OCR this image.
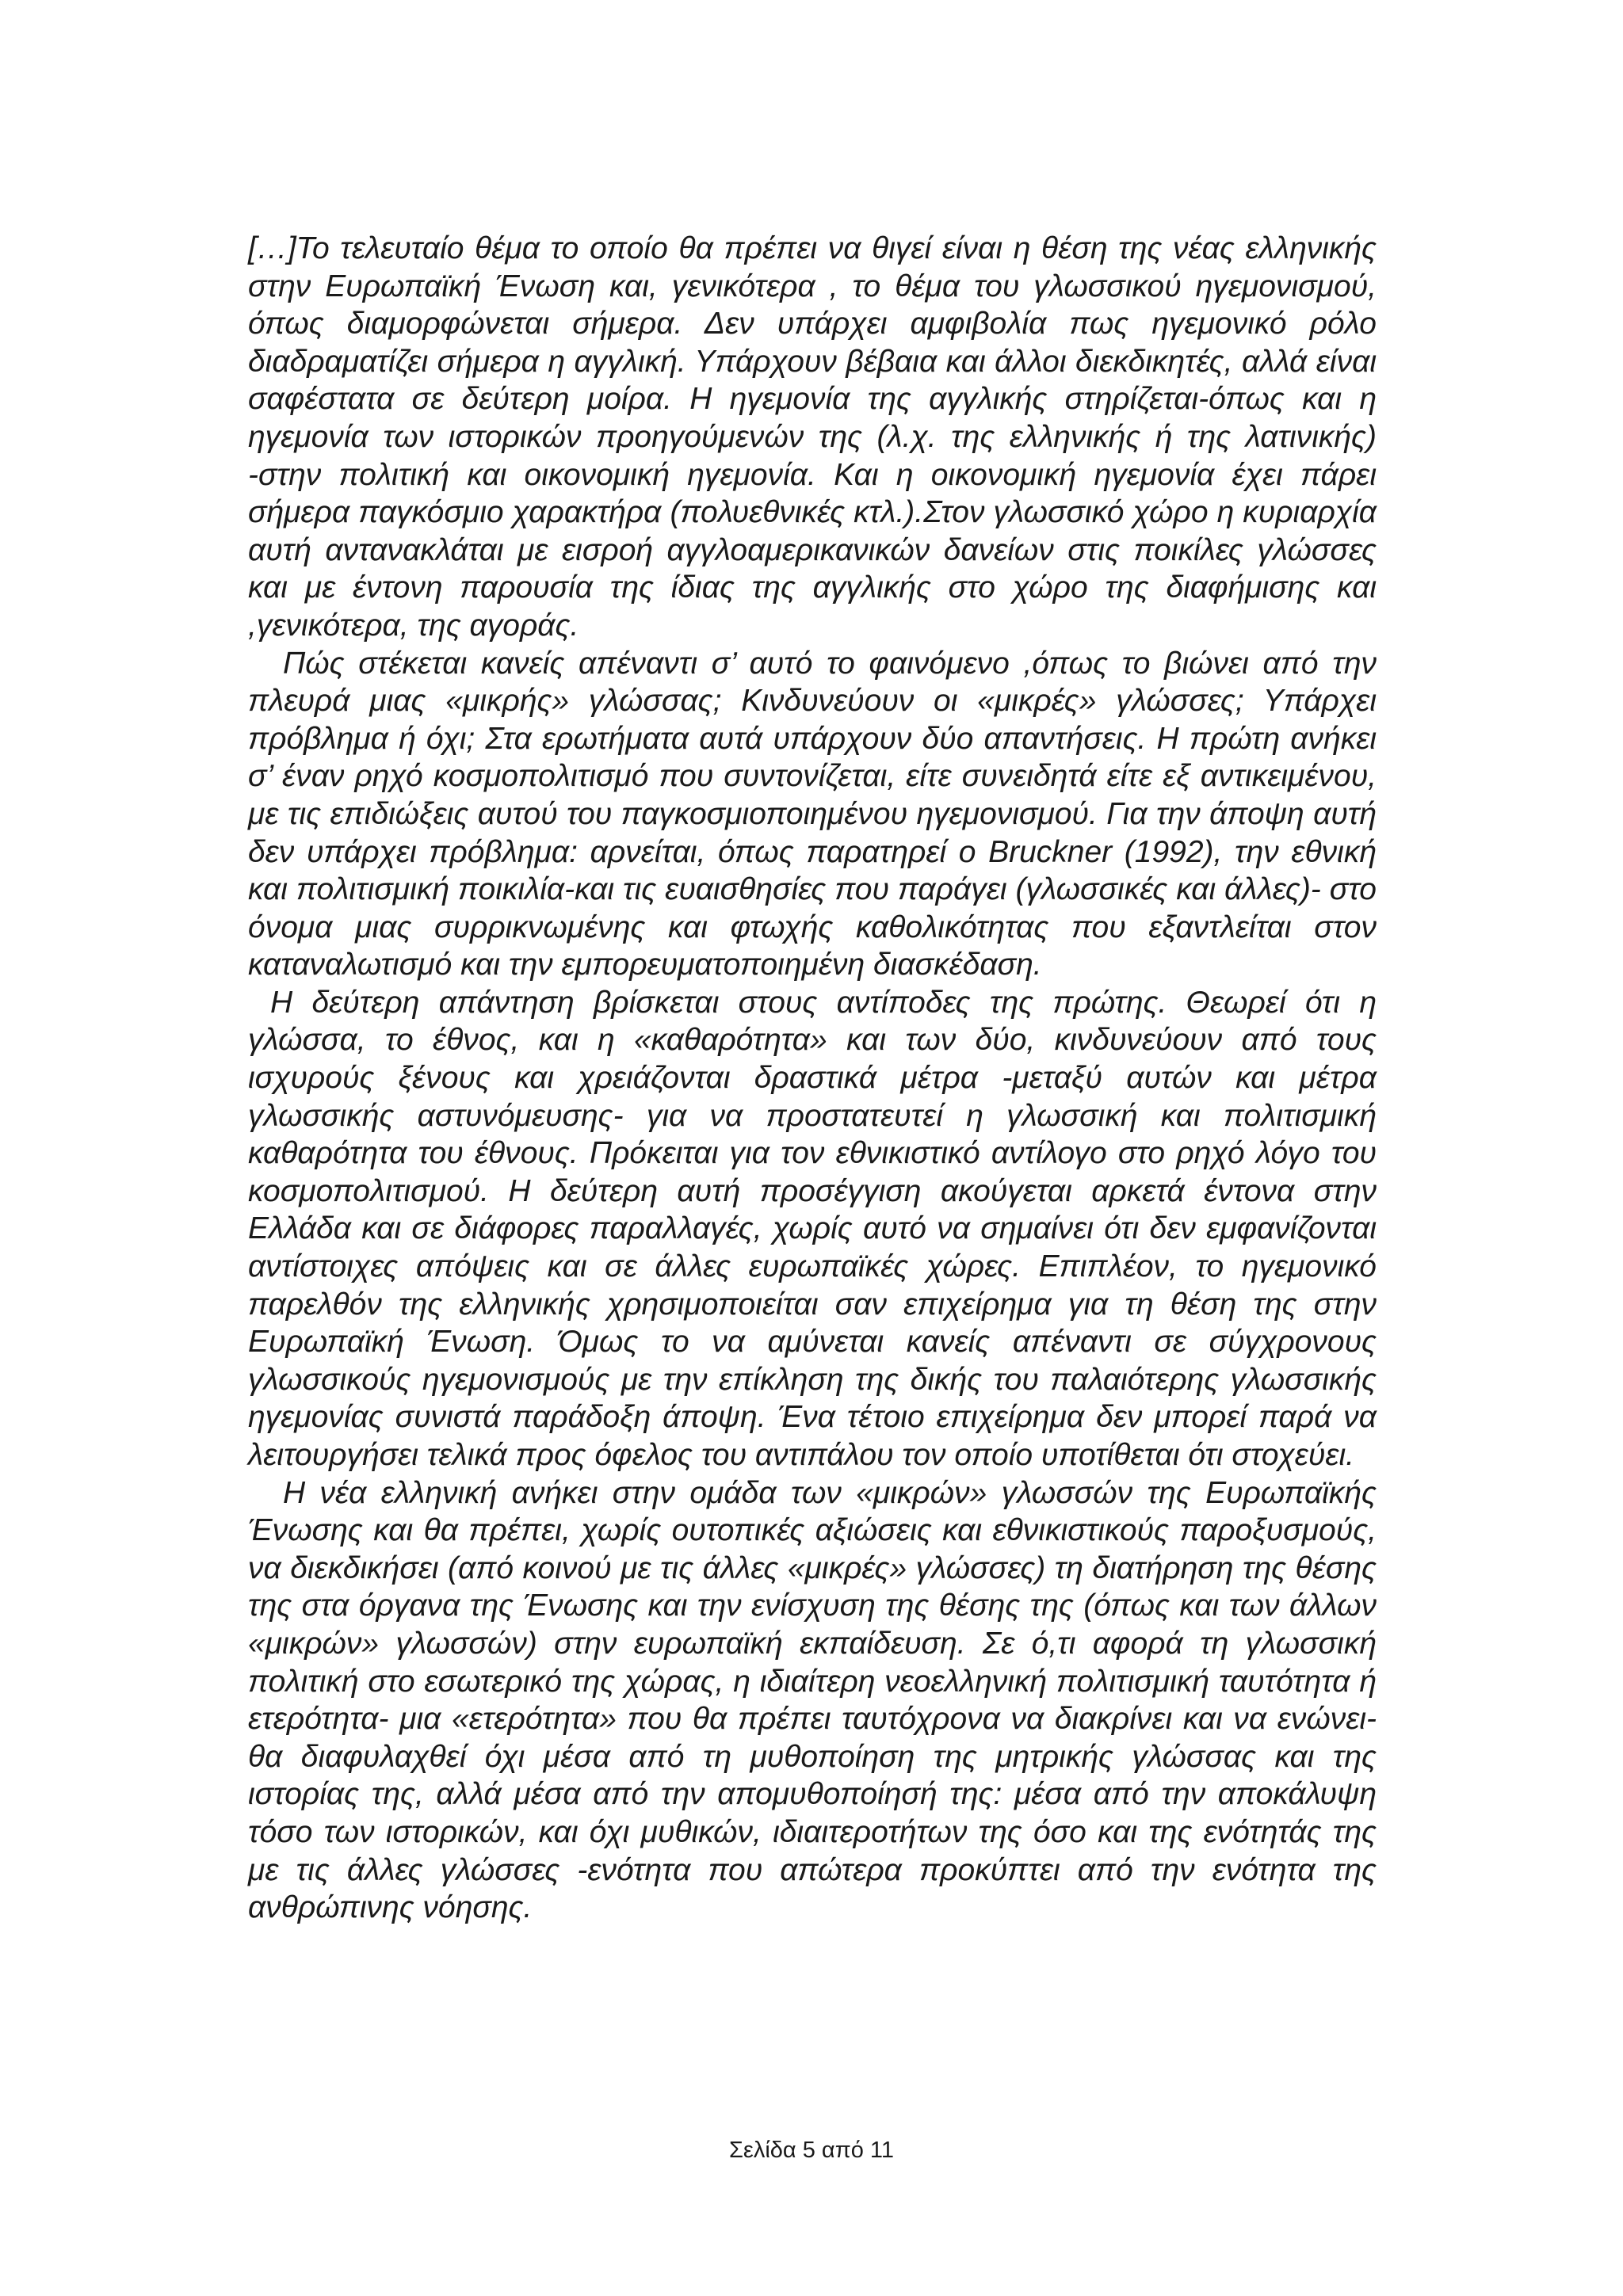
[…]Το τελευταίο θέμα το οποίο θα πρέπει να θιγεί είναι η θέση της νέας ελληνικής στην Ευρωπαϊκή Ένωση και, γενικότερα , το θέμα του γλωσσικού ηγεμονισμού, όπως διαμορφώνεται σήμερα. Δεν υπάρχει αμφιβολία πως ηγεμονικό ρόλο διαδραματίζει σήμερα η αγγλική. Υπάρχουν βέβαια και άλλοι διεκδικητές, αλλά είναι σαφέστατα σε δεύτερη μοίρα. Η ηγεμονία της αγγλικής στηρίζεται-όπως και η ηγεμονία των ιστορικών προηγούμενών της (λ.χ. της ελληνικής ή της λατινικής) -στην πολιτική και οικονομική ηγεμονία. Και η οικονομική ηγεμονία έχει πάρει σήμερα παγκόσμιο χαρακτήρα (πολυεθνικές κτλ.).Στον γλωσσικό χώρο η κυριαρχία αυτή αντανακλάται με εισροή αγγλοαμερικανικών δανείων στις ποικίλες γλώσσες και με έντονη παρουσία της ίδιας της αγγλικής στο χώρο της διαφήμισης και ,γενικότερα, της αγοράς.

Πώς στέκεται κανείς απέναντι σ’ αυτό το φαινόμενο ,όπως το βιώνει από την πλευρά μιας «μικρής» γλώσσας; Κινδυνεύουν οι «μικρές» γλώσσες; Υπάρχει πρόβλημα ή όχι; Στα ερωτήματα αυτά υπάρχουν δύο απαντήσεις. Η πρώτη ανήκει σ’ έναν ρηχό κοσμοπολιτισμό που συντονίζεται, είτε συνειδητά είτε εξ αντικειμένου, με τις επιδιώξεις αυτού του παγκοσμιοποιημένου ηγεμονισμού. Για την άποψη αυτή δεν υπάρχει πρόβλημα: αρνείται, όπως παρατηρεί ο Bruckner (1992), την εθνική και πολιτισμική ποικιλία-και τις ευαισθησίες που παράγει (γλωσσικές και άλλες)- στο όνομα μιας συρρικνωμένης και φτωχής καθολικότητας που εξαντλείται στον καταναλωτισμό και την εμπορευματοποιημένη διασκέδαση.

Η δεύτερη απάντηση βρίσκεται στους αντίποδες της πρώτης. Θεωρεί ότι η γλώσσα, το έθνος, και η «καθαρότητα» και των δύο, κινδυνεύουν από τους ισχυρούς ξένους και χρειάζονται δραστικά μέτρα -μεταξύ αυτών και μέτρα γλωσσικής αστυνόμευσης- για να προστατευτεί η γλωσσική και πολιτισμική καθαρότητα του έθνους. Πρόκειται για τον εθνικιστικό αντίλογο στο ρηχό λόγο του κοσμοπολιτισμού. Η δεύτερη αυτή προσέγγιση ακούγεται αρκετά έντονα στην Ελλάδα και σε διάφορες παραλλαγές, χωρίς αυτό να σημαίνει ότι δεν εμφανίζονται αντίστοιχες απόψεις και σε άλλες ευρωπαϊκές χώρες. Επιπλέον, το ηγεμονικό παρελθόν της ελληνικής χρησιμοποιείται σαν επιχείρημα για τη θέση της στην Ευρωπαϊκή Ένωση. Όμως το να αμύνεται κανείς απέναντι σε σύγχρονους γλωσσικούς ηγεμονισμούς με την επίκληση της δικής του παλαιότερης γλωσσικής ηγεμονίας συνιστά παράδοξη άποψη. Ένα τέτοιο επιχείρημα δεν μπορεί παρά να λειτουργήσει τελικά προς όφελος του αντιπάλου τον οποίο υποτίθεται ότι στοχεύει.

Η νέα ελληνική ανήκει στην ομάδα των «μικρών» γλωσσών της Ευρωπαϊκής Ένωσης και θα πρέπει, χωρίς ουτοπικές αξιώσεις και εθνικιστικούς παροξυσμούς, να διεκδικήσει (από κοινού με τις άλλες «μικρές» γλώσσες) τη διατήρηση της θέσης της στα όργανα της Ένωσης και την ενίσχυση της θέσης της (όπως και των άλλων «μικρών» γλωσσών) στην ευρωπαϊκή εκπαίδευση. Σε ό,τι αφορά τη γλωσσική πολιτική στο εσωτερικό της χώρας, η ιδιαίτερη νεοελληνική πολιτισμική ταυτότητα ή ετερότητα- μια «ετερότητα» που θα πρέπει ταυτόχρονα να διακρίνει και να ενώνει- θα διαφυλαχθεί όχι μέσα από τη μυθοποίηση της μητρικής γλώσσας και της ιστορίας της, αλλά μέσα από την απομυθοποίησή της: μέσα από την αποκάλυψη τόσο των ιστορικών, και όχι μυθικών, ιδιαιτεροτήτων της όσο και της ενότητάς της με τις άλλες γλώσσες -ενότητα που απώτερα προκύπτει από την ενότητα της ανθρώπινης νόησης.

Σελίδα 5 από 11
